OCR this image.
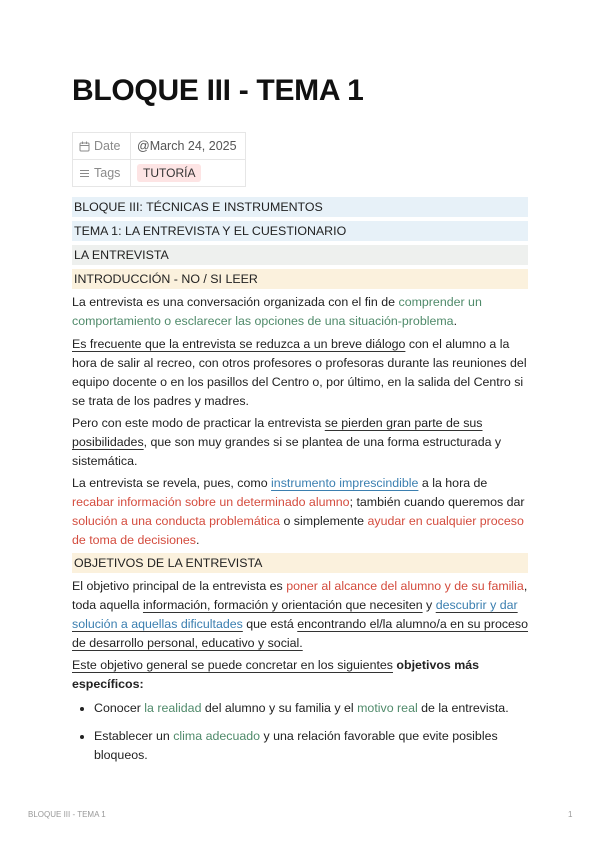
BLOQUE III - TEMA 1
Date	@March 24, 2025
Tags	TUTORÍA
BLOQUE III: TÉCNICAS E INSTRUMENTOS
TEMA 1: LA ENTREVISTA Y EL CUESTIONARIO
LA ENTREVISTA
INTRODUCCIÓN - NO / SI LEER
La entrevista es una conversación organizada con el fin de comprender un comportamiento o esclarecer las opciones de una situación-problema.
Es frecuente que la entrevista se reduzca a un breve diálogo con el alumno a la hora de salir al recreo, con otros profesores o profesoras durante las reuniones del equipo docente o en los pasillos del Centro o, por último, en la salida del Centro si se trata de los padres y madres.
Pero con este modo de practicar la entrevista se pierden gran parte de sus posibilidades, que son muy grandes si se plantea de una forma estructurada y sistemática.
La entrevista se revela, pues, como instrumento imprescindible a la hora de recabar información sobre un determinado alumno; también cuando queremos dar solución a una conducta problemática o simplemente ayudar en cualquier proceso de toma de decisiones.
OBJETIVOS DE LA ENTREVISTA
El objetivo principal de la entrevista es poner al alcance del alumno y de su familia, toda aquella información, formación y orientación que necesiten y descubrir y dar solución a aquellas dificultades que está encontrando el/la alumno/a en su proceso de desarrollo personal, educativo y social.
Este objetivo general se puede concretar en los siguientes objetivos más específicos:
• Conocer la realidad del alumno y su familia y el motivo real de la entrevista.
• Establecer un clima adecuado y una relación favorable que evite posibles bloqueos.
BLOQUE III - TEMA 1	1
